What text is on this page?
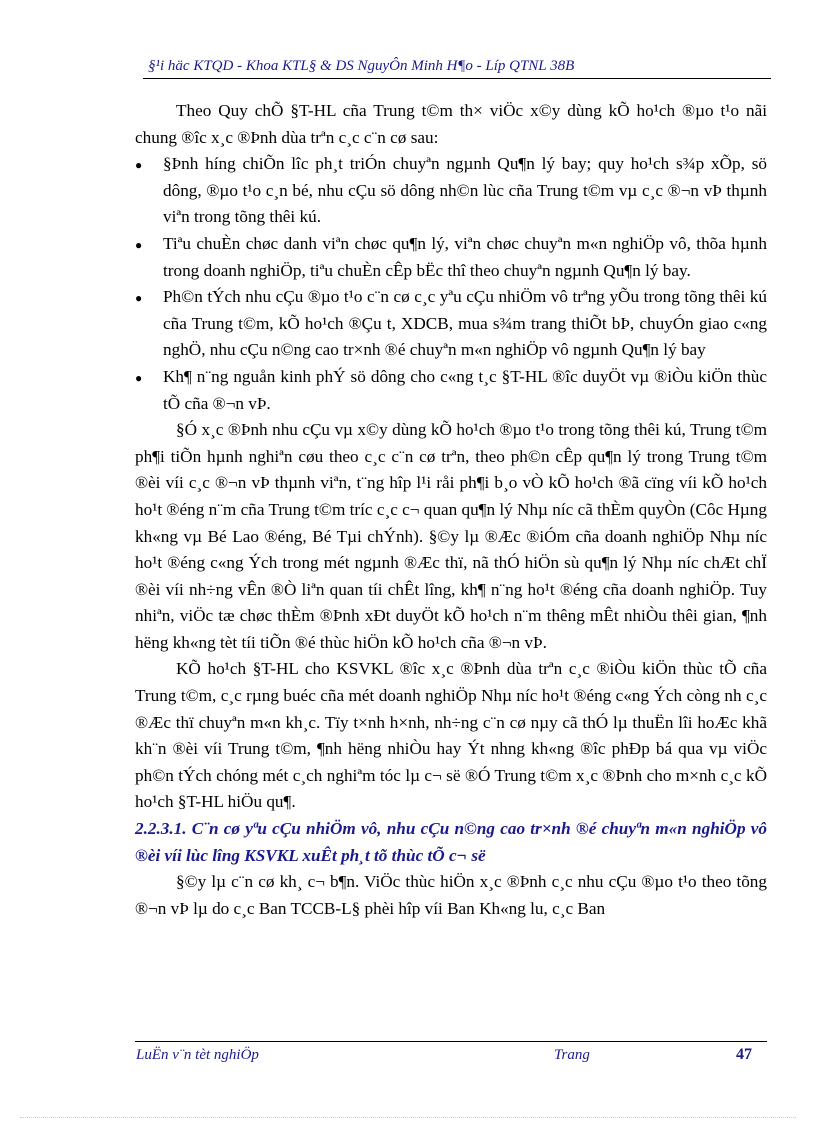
§¹i häc KTQD - Khoa KTL§ & DS NguyÔn Minh H¶o - Líp QTNL 38B

Theo Quy chÕ §T-HL cña Trung t©m th× viÖc x©y dùng kÕ ho¹ch ®µo t¹o nãi chung ®îc x¸c ®Þnh dùa trªn c¸c c¨n cø sau:

●	§Þnh híng chiÕn lîc ph¸t triÓn chuyªn ngµnh Qu¶n lý bay; quy ho¹ch s¾p xÕp, sö dông, ®µo t¹o c¸n bé, nhu cÇu sö dông nh©n lùc cña Trung t©m vµ c¸c ®¬n vÞ thµnh viªn trong tõng thêi kú.
●	Tiªu chuÈn chøc danh viªn chøc qu¶n lý, viªn chøc chuyªn m«n nghiÖp vô, thõa hµnh trong doanh nghiÖp, tiªu chuÈn cÊp bËc thî theo chuyªn ngµnh Qu¶n lý bay.
●	Ph©n tÝch nhu cÇu ®µo t¹o c¨n cø c¸c yªu cÇu nhiÖm vô trªng yÕu trong tõng thêi kú cña Trung t©m, kÕ ho¹ch ®Çu t, XDCB, mua s¾m trang thiÕt bÞ, chuyÓn giao c«ng nghÖ, nhu cÇu n©ng cao tr×nh ®é chuyªn m«n nghiÖp vô ngµnh Qu¶n lý bay
●	Kh¶ n¨ng nguån kinh phÝ sö dông cho c«ng t¸c §T-HL ®îc duyÖt vµ ®iÒu kiÖn thùc tÕ cña ®¬n vÞ.

§Ó x¸c ®Þnh nhu cÇu vµ x©y dùng kÕ ho¹ch ®µo t¹o trong tõng thêi kú, Trung t©m ph¶i tiÕn hµnh nghiªn cøu theo c¸c c¨n cø trªn, theo ph©n cÊp qu¶n lý trong Trung t©m ®èi víi c¸c ®¬n vÞ thµnh viªn, t¨ng hîp l¹i råi ph¶i b¸o vÒ kÕ ho¹ch ®ã cïng víi kÕ ho¹ch ho¹t ®éng n¨m cña Trung t©m tríc c¸c c¬ quan qu¶n lý Nhµ níc cã thÈm quyÒn (Côc Hµng kh«ng vµ Bé Lao ®éng, Bé Tµi chÝnh). §©y lµ ®Æc ®iÓm cña doanh nghiÖp Nhµ níc ho¹t ®éng c«ng Ých trong mét ngµnh ®Æc thï, nã thÓ hiÖn sù qu¶n lý Nhµ níc chÆt chÏ ®èi víi nh÷ng vÊn ®Ò liªn quan tíi chÊt lîng, kh¶ n¨ng ho¹t ®éng cña doanh nghiÖp. Tuy nhiªn, viÖc tæ chøc thÈm ®Þnh xÐt duyÖt kÕ ho¹ch n¨m thêng mÊt nhiÒu thêi gian, ¶nh hëng kh«ng tèt tíi tiÕn ®é thùc hiÖn kÕ ho¹ch cña ®¬n vÞ.

KÕ ho¹ch §T-HL cho KSVKL ®îc x¸c ®Þnh dùa trªn c¸c ®iÒu kiÖn thùc tÕ cña Trung t©m, c¸c rµng buéc cña mét doanh nghiÖp Nhµ níc ho¹t ®éng c«ng Ých còng nh c¸c ®Æc thï chuyªn m«n kh¸c. Tïy t×nh h×nh, nh÷ng c¨n cø nµy cã thÓ lµ thuËn lîi hoÆc khã kh¨n ®èi víi Trung t©m, ¶nh hëng nhiÒu hay Ýt nhng kh«ng ®îc phÐp bá qua vµ viÖc ph©n tÝch chóng mét c¸ch nghiªm tóc lµ c¬ së ®Ó Trung t©m x¸c ®Þnh cho m×nh c¸c kÕ ho¹ch §T-HL hiÖu qu¶.

2.2.3.1. C¨n cø yªu cÇu nhiÖm vô, nhu cÇu n©ng cao tr×nh ®é chuyªn m«n nghiÖp vô ®èi víi lùc lîng KSVKL xuÊt ph¸t tõ thùc tÕ c¬ së

§©y lµ c¨n cø kh¸ c¬ b¶n. ViÖc thùc hiÖn x¸c ®Þnh c¸c nhu cÇu ®µo t¹o theo tõng ®¬n vÞ lµ do c¸c Ban TCCB-L§ phèi hîp víi Ban Kh«ng lu, c¸c Ban

LuËn v¨n tèt nghiÖp	Trang	47
